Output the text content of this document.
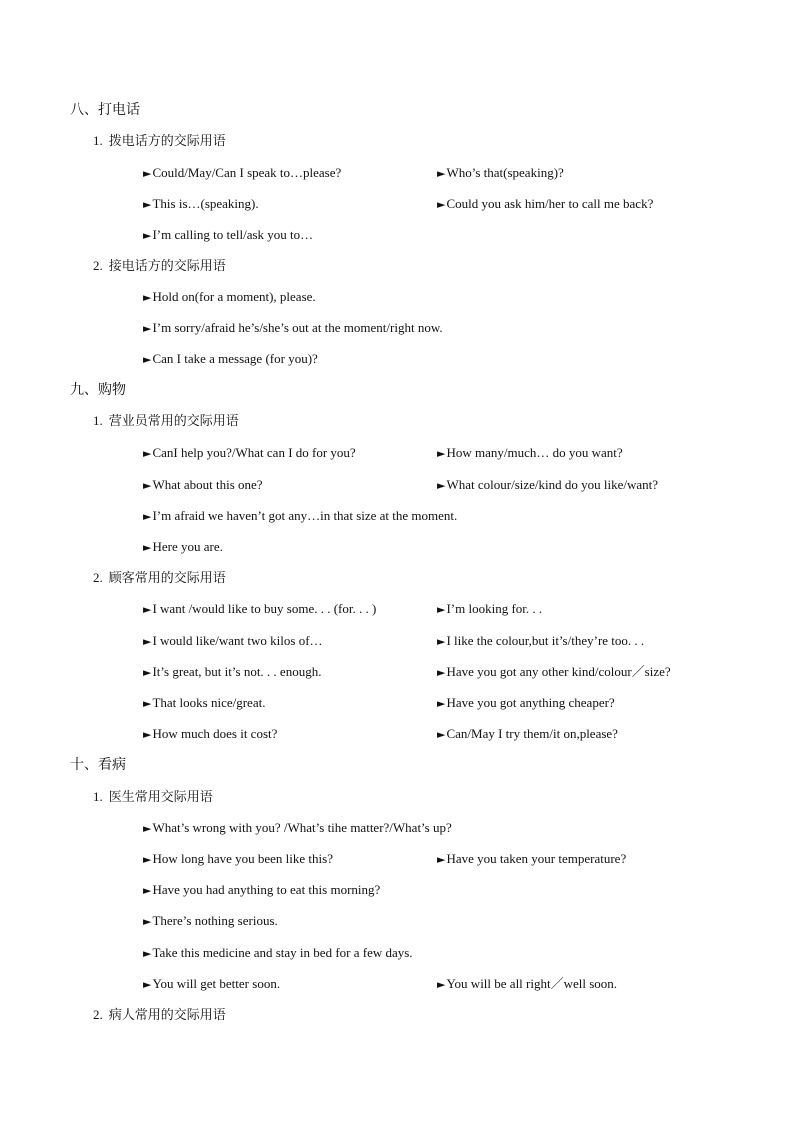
八、打电话
1. 拨电话方的交际用语
►Could/May/Can I speak to…please?	►Who’s that(speaking)?
►This is…(speaking).	►Could you ask him/her to call me back?
►I’m calling to tell/ask you to…
2. 接电话方的交际用语
►Hold on(for a moment), please.
►I’m sorry/afraid he’s/she’s out at the moment/right now.
►Can I take a message (for you)?
九、购物
1. 营业员常用的交际用语
►CanI help you?/What can I do for you?	►How many/much… do you want?
►What about this one?	►What colour/size/kind do you like/want?
►I’m afraid we haven’t got any…in that size at the moment.
►Here you are.
2. 顾客常用的交际用语
►I want /would like to buy some. . . (for. . . )	►I’m looking for. . .
►I would like/want two kilos of…	►I like the colour,but it’s/they’re too. . .
►It’s great, but it’s not. . . enough.	►Have you got any other kind/colour／size?
►That looks nice/great.	►Have you got anything cheaper?
►How much does it cost?	►Can/May I try them/it on,please?
十、看病
1. 医生常用交际用语
►What’s wrong with you? /What’s tihe matter?/What’s up?
►How long have you been like this?	►Have you taken your temperature?
►Have you had anything to eat this morning?
►There’s nothing serious.
►Take this medicine and stay in bed for a few days.
►You will get better soon.	►You will be all right／well soon.
2. 病人常用的交际用语
